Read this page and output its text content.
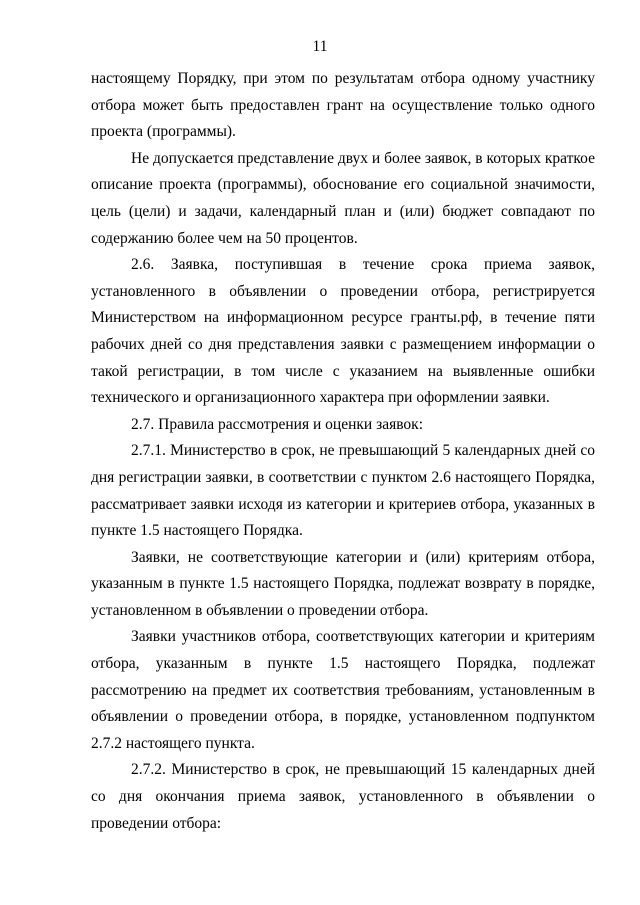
11

настоящему Порядку, при этом по результатам отбора одному участнику отбора может быть предоставлен грант на осуществление только одного проекта (программы).

Не допускается представление двух и более заявок, в которых краткое описание проекта (программы), обоснование его социальной значимости, цель (цели) и задачи, календарный план и (или) бюджет совпадают по содержанию более чем на 50 процентов.

2.6. Заявка, поступившая в течение срока приема заявок, установленного в объявлении о проведении отбора, регистрируется Министерством на информационном ресурсе гранты.рф, в течение пяти рабочих дней со дня представления заявки с размещением информации о такой регистрации, в том числе с указанием на выявленные ошибки технического и организационного характера при оформлении заявки.

2.7. Правила рассмотрения и оценки заявок:

2.7.1. Министерство в срок, не превышающий 5 календарных дней со дня регистрации заявки, в соответствии с пунктом 2.6 настоящего Порядка, рассматривает заявки исходя из категории и критериев отбора, указанных в пункте 1.5 настоящего Порядка.

Заявки, не соответствующие категории и (или) критериям отбора, указанным в пункте 1.5 настоящего Порядка, подлежат возврату в порядке, установленном в объявлении о проведении отбора.

Заявки участников отбора, соответствующих категории и критериям отбора, указанным в пункте 1.5 настоящего Порядка, подлежат рассмотрению на предмет их соответствия требованиям, установленным в объявлении о проведении отбора, в порядке, установленном подпунктом 2.7.2 настоящего пункта.

2.7.2. Министерство в срок, не превышающий 15 календарных дней со дня окончания приема заявок, установленного в объявлении о проведении отбора:
